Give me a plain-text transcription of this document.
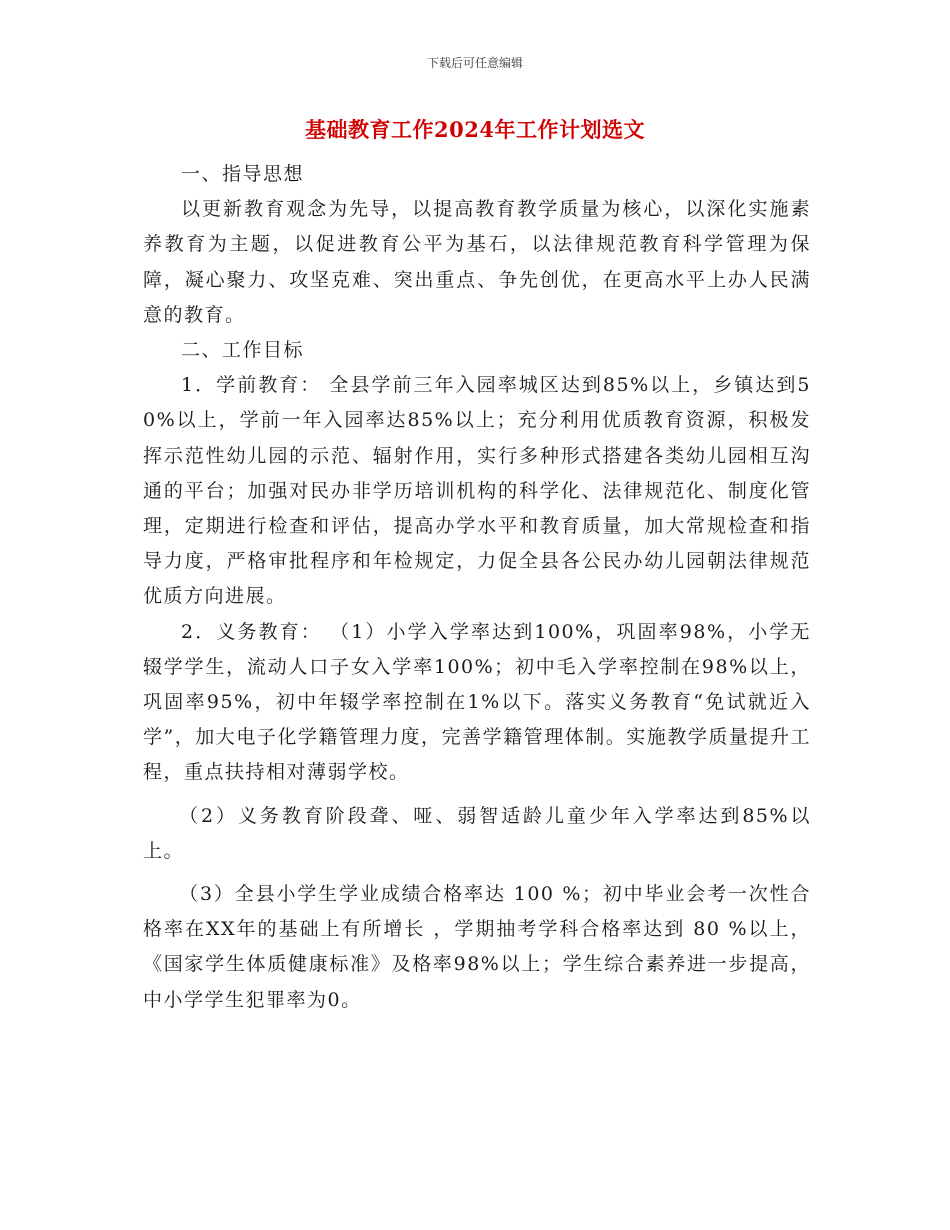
下载后可任意编辑
基础教育工作2024年工作计划选文

一、指导思想

以更新教育观念为先导，以提高教育教学质量为核心，以深化实施素养教育为主题，以促进教育公平为基石，以法律规范教育科学管理为保障，凝心聚力、攻坚克难、突出重点、争先创优，在更高水平上办人民满意的教育。

二、工作目标

1．学前教育： 全县学前三年入园率城区达到85%以上，乡镇达到50%以上，学前一年入园率达85%以上；充分利用优质教育资源，积极发挥示范性幼儿园的示范、辐射作用，实行多种形式搭建各类幼儿园相互沟通的平台；加强对民办非学历培训机构的科学化、法律规范化、制度化管理，定期进行检查和评估，提高办学水平和教育质量，加大常规检查和指导力度，严格审批程序和年检规定，力促全县各公民办幼儿园朝法律规范优质方向进展。

2．义务教育： （1）小学入学率达到100%，巩固率98%，小学无辍学学生，流动人口子女入学率100%；初中毛入学率控制在98%以上，巩固率95%，初中年辍学率控制在1%以下。落实义务教育“免试就近入学”，加大电子化学籍管理力度，完善学籍管理体制。实施教学质量提升工程，重点扶持相对薄弱学校。

（2）义务教育阶段聋、哑、弱智适龄儿童少年入学率达到85%以上。

（3）全县小学生学业成绩合格率达 100 %；初中毕业会考一次性合格率在XX年的基础上有所增长 ，学期抽考学科合格率达到 80 %以上，《国家学生体质健康标准》及格率98%以上；学生综合素养进一步提高，中小学学生犯罪率为0。
